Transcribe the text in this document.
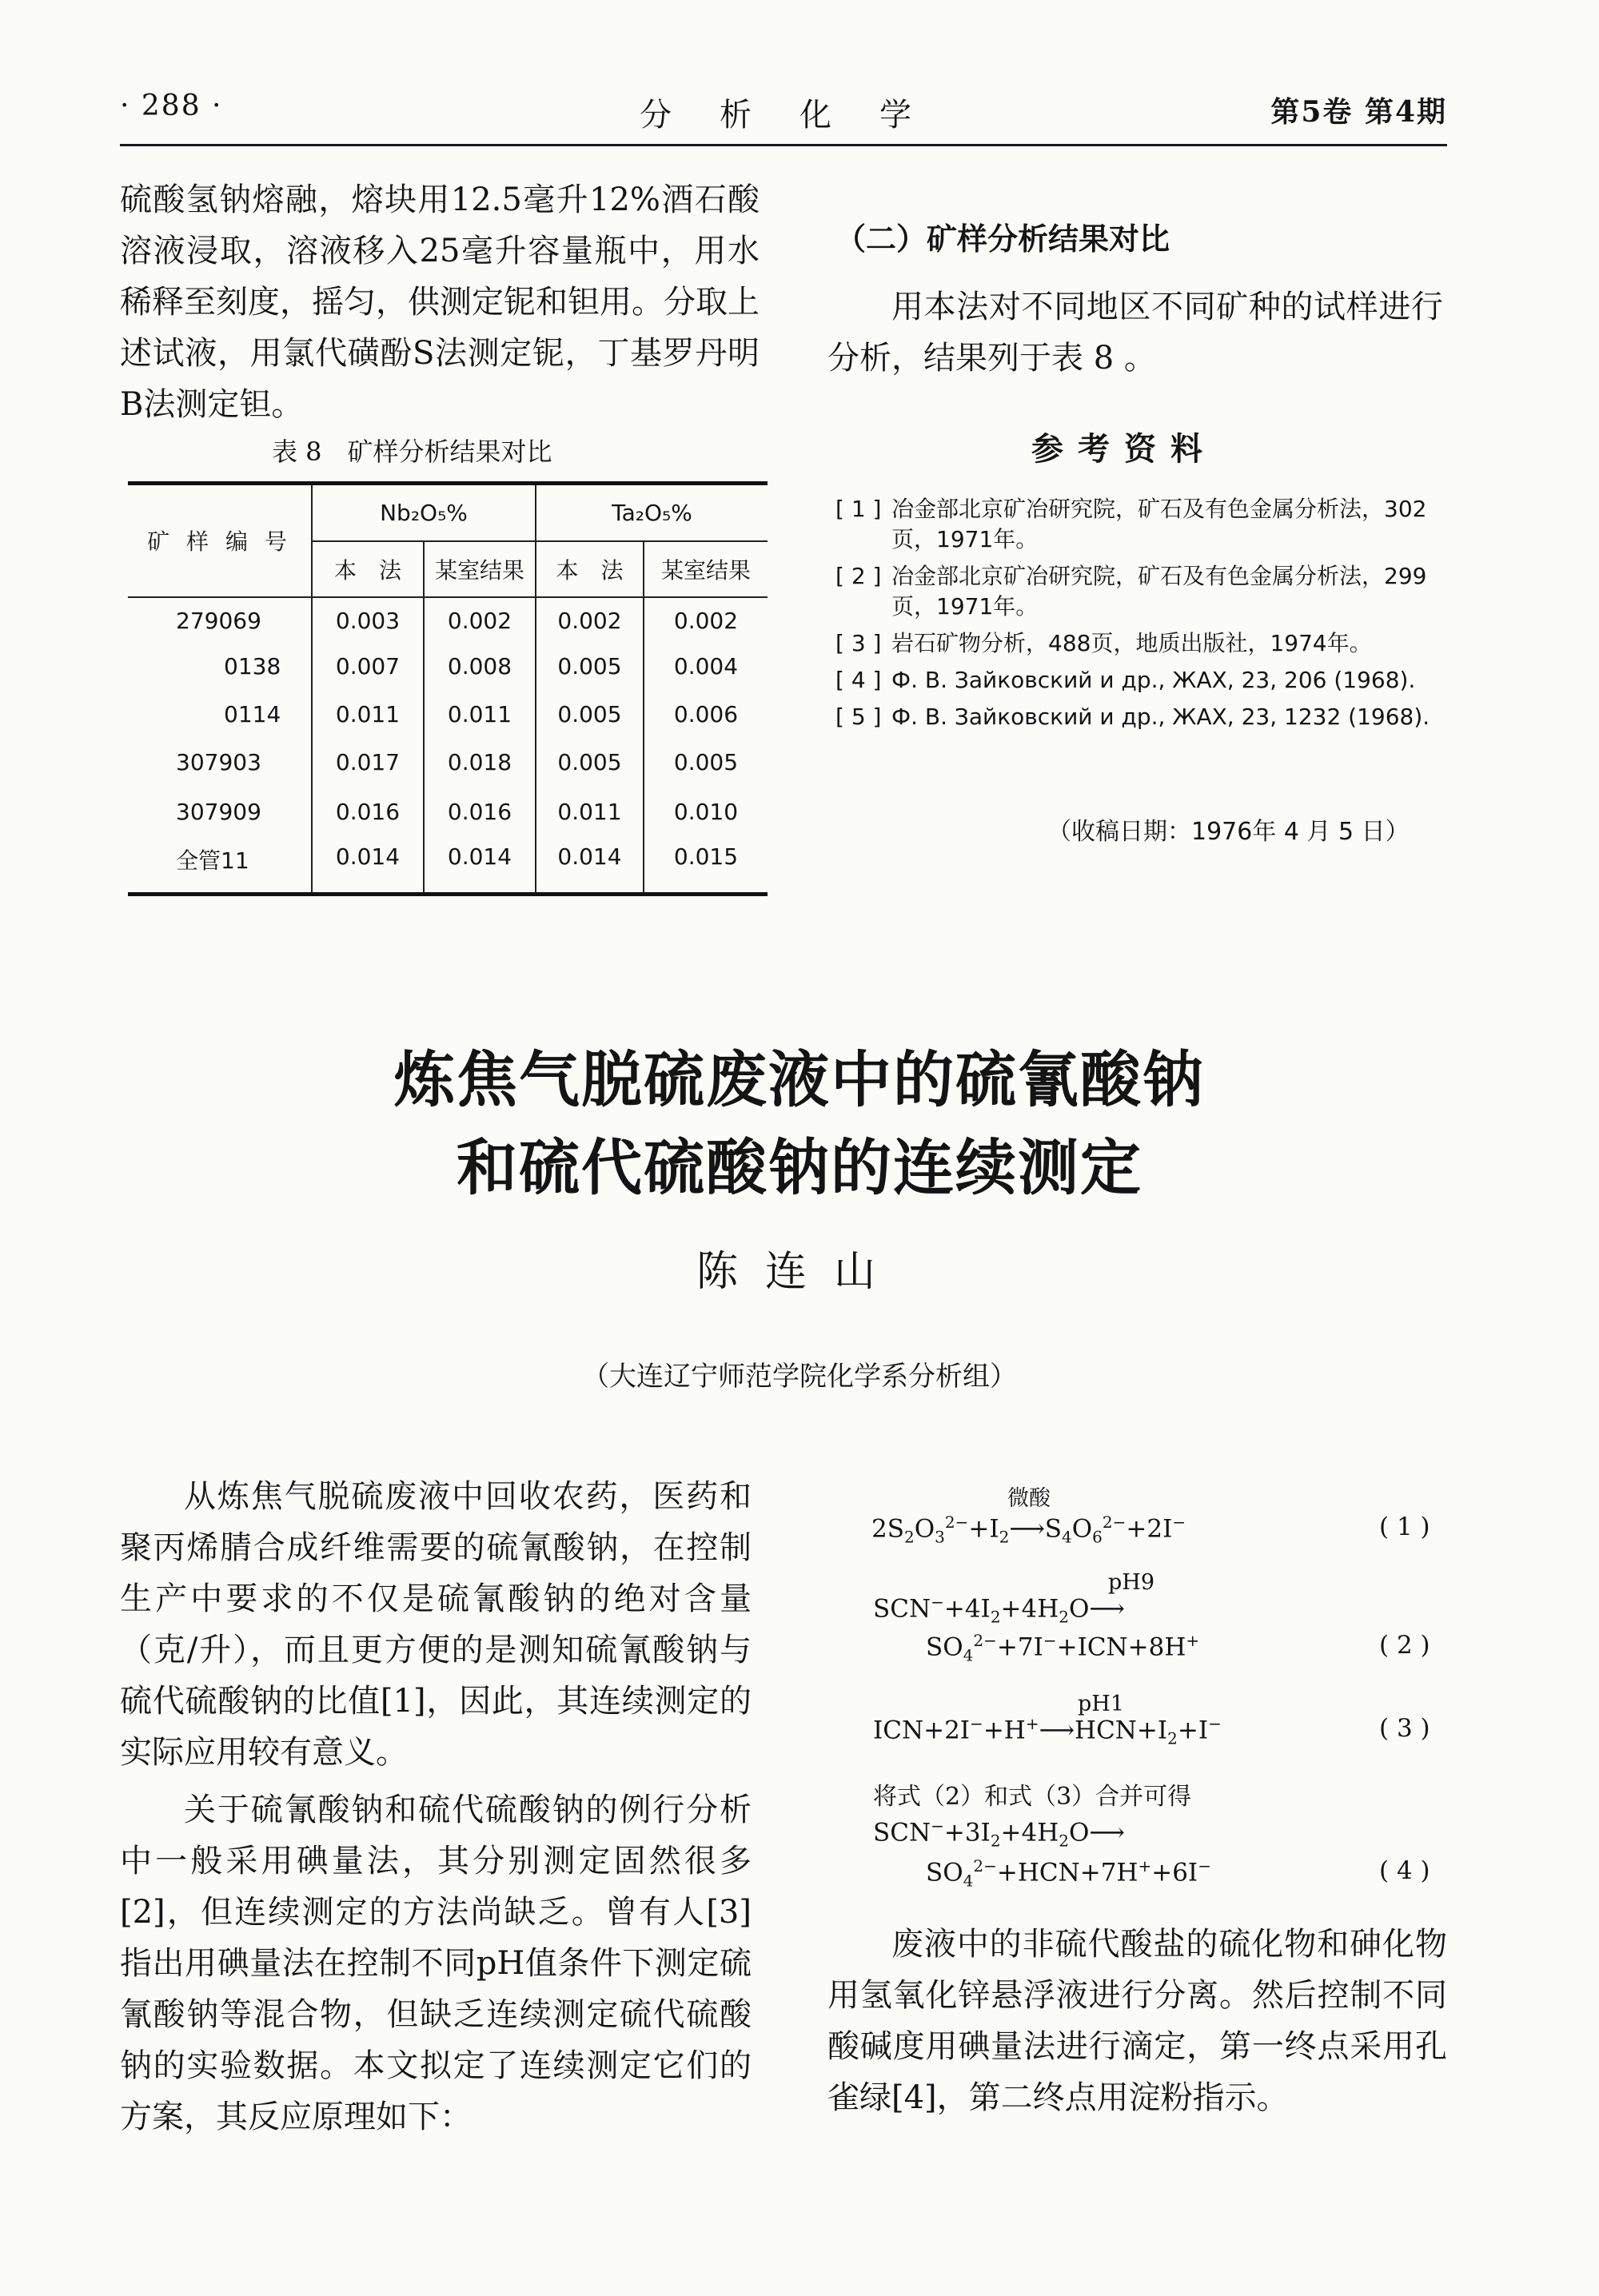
· 288 ·	分析化学	第5卷 第4期
硫酸氢钠熔融，熔块用12.5毫升12%酒石酸溶液浸取，溶液移入25毫升容量瓶中，用水稀释至刻度，摇匀，供测定铌和钽用。分取上述试液，用氯代磺酚S法测定铌，丁基罗丹明B法测定钽。
表 8　矿样分析结果对比
矿 样 编 号	Nb₂O₅%		Ta₂O₅%	
	本　法	某室结果	本　法	某室结果
279069	0.003	0.002	0.002	0.002
0138	0.007	0.008	0.005	0.004
0114	0.011	0.011	0.005	0.006
307903	0.017	0.018	0.005	0.005
307909	0.016	0.016	0.011	0.010
全管11	0.014	0.014	0.014	0.015
（二）矿样分析结果对比
用本法对不同地区不同矿种的试样进行分析，结果列于表 8 。
参考资料
[ 1 ] 冶金部北京矿冶研究院，矿石及有色金属分析法，302页，1971年。
[ 2 ] 冶金部北京矿冶研究院，矿石及有色金属分析法，299页，1971年。
[ 3 ] 岩石矿物分析，488页，地质出版社，1974年。
[ 4 ] Ф. В. Зайковский и др., ЖАХ, 23, 206 (1968).
[ 5 ] Ф. В. Зайковский и др., ЖАХ, 23, 1232 (1968).
（收稿日期：1976年 4 月 5 日）
炼焦气脱硫废液中的硫氰酸钠
和硫代硫酸钠的连续测定
陈连山
（大连辽宁师范学院化学系分析组）

从炼焦气脱硫废液中回收农药，医药和聚丙烯腈合成纤维需要的硫氰酸钠，在控制生产中要求的不仅是硫氰酸钠的绝对含量（克/升），而且更方便的是测知硫氰酸钠与硫代硫酸钠的比值[1]，因此，其连续测定的实际应用较有意义。

关于硫氰酸钠和硫代硫酸钠的例行分析中一般采用碘量法，其分别测定固然很多[2]，但连续测定的方法尚缺乏。曾有人[3]指出用碘量法在控制不同pH值条件下测定硫氰酸钠等混合物，但缺乏连续测定硫代硫酸钠的实验数据。本文拟定了连续测定它们的方案，其反应原理如下：

微酸
$2S_2O_3^{2-}+I_2⟶S_4O_6^{2-}+2I^-$	( 1 )
pH9
$SCN^-+4I_2+4H_2O⟶$
$SO_4^{2-}+7I^-+ICN+8H^+$	( 2 )
pH1
$ICN+2I^-+H^+⟶HCN+I_2+I^-$	( 3 )
将式（2）和式（3）合并可得
$SCN^-+3I_2+4H_2O⟶$
$SO_4^{2-}+HCN+7H^++6I^-$	( 4 )
废液中的非硫代酸盐的硫化物和砷化物用氢氧化锌悬浮液进行分离。然后控制不同酸碱度用碘量法进行滴定，第一终点采用孔雀绿[4]，第二终点用淀粉指示。
